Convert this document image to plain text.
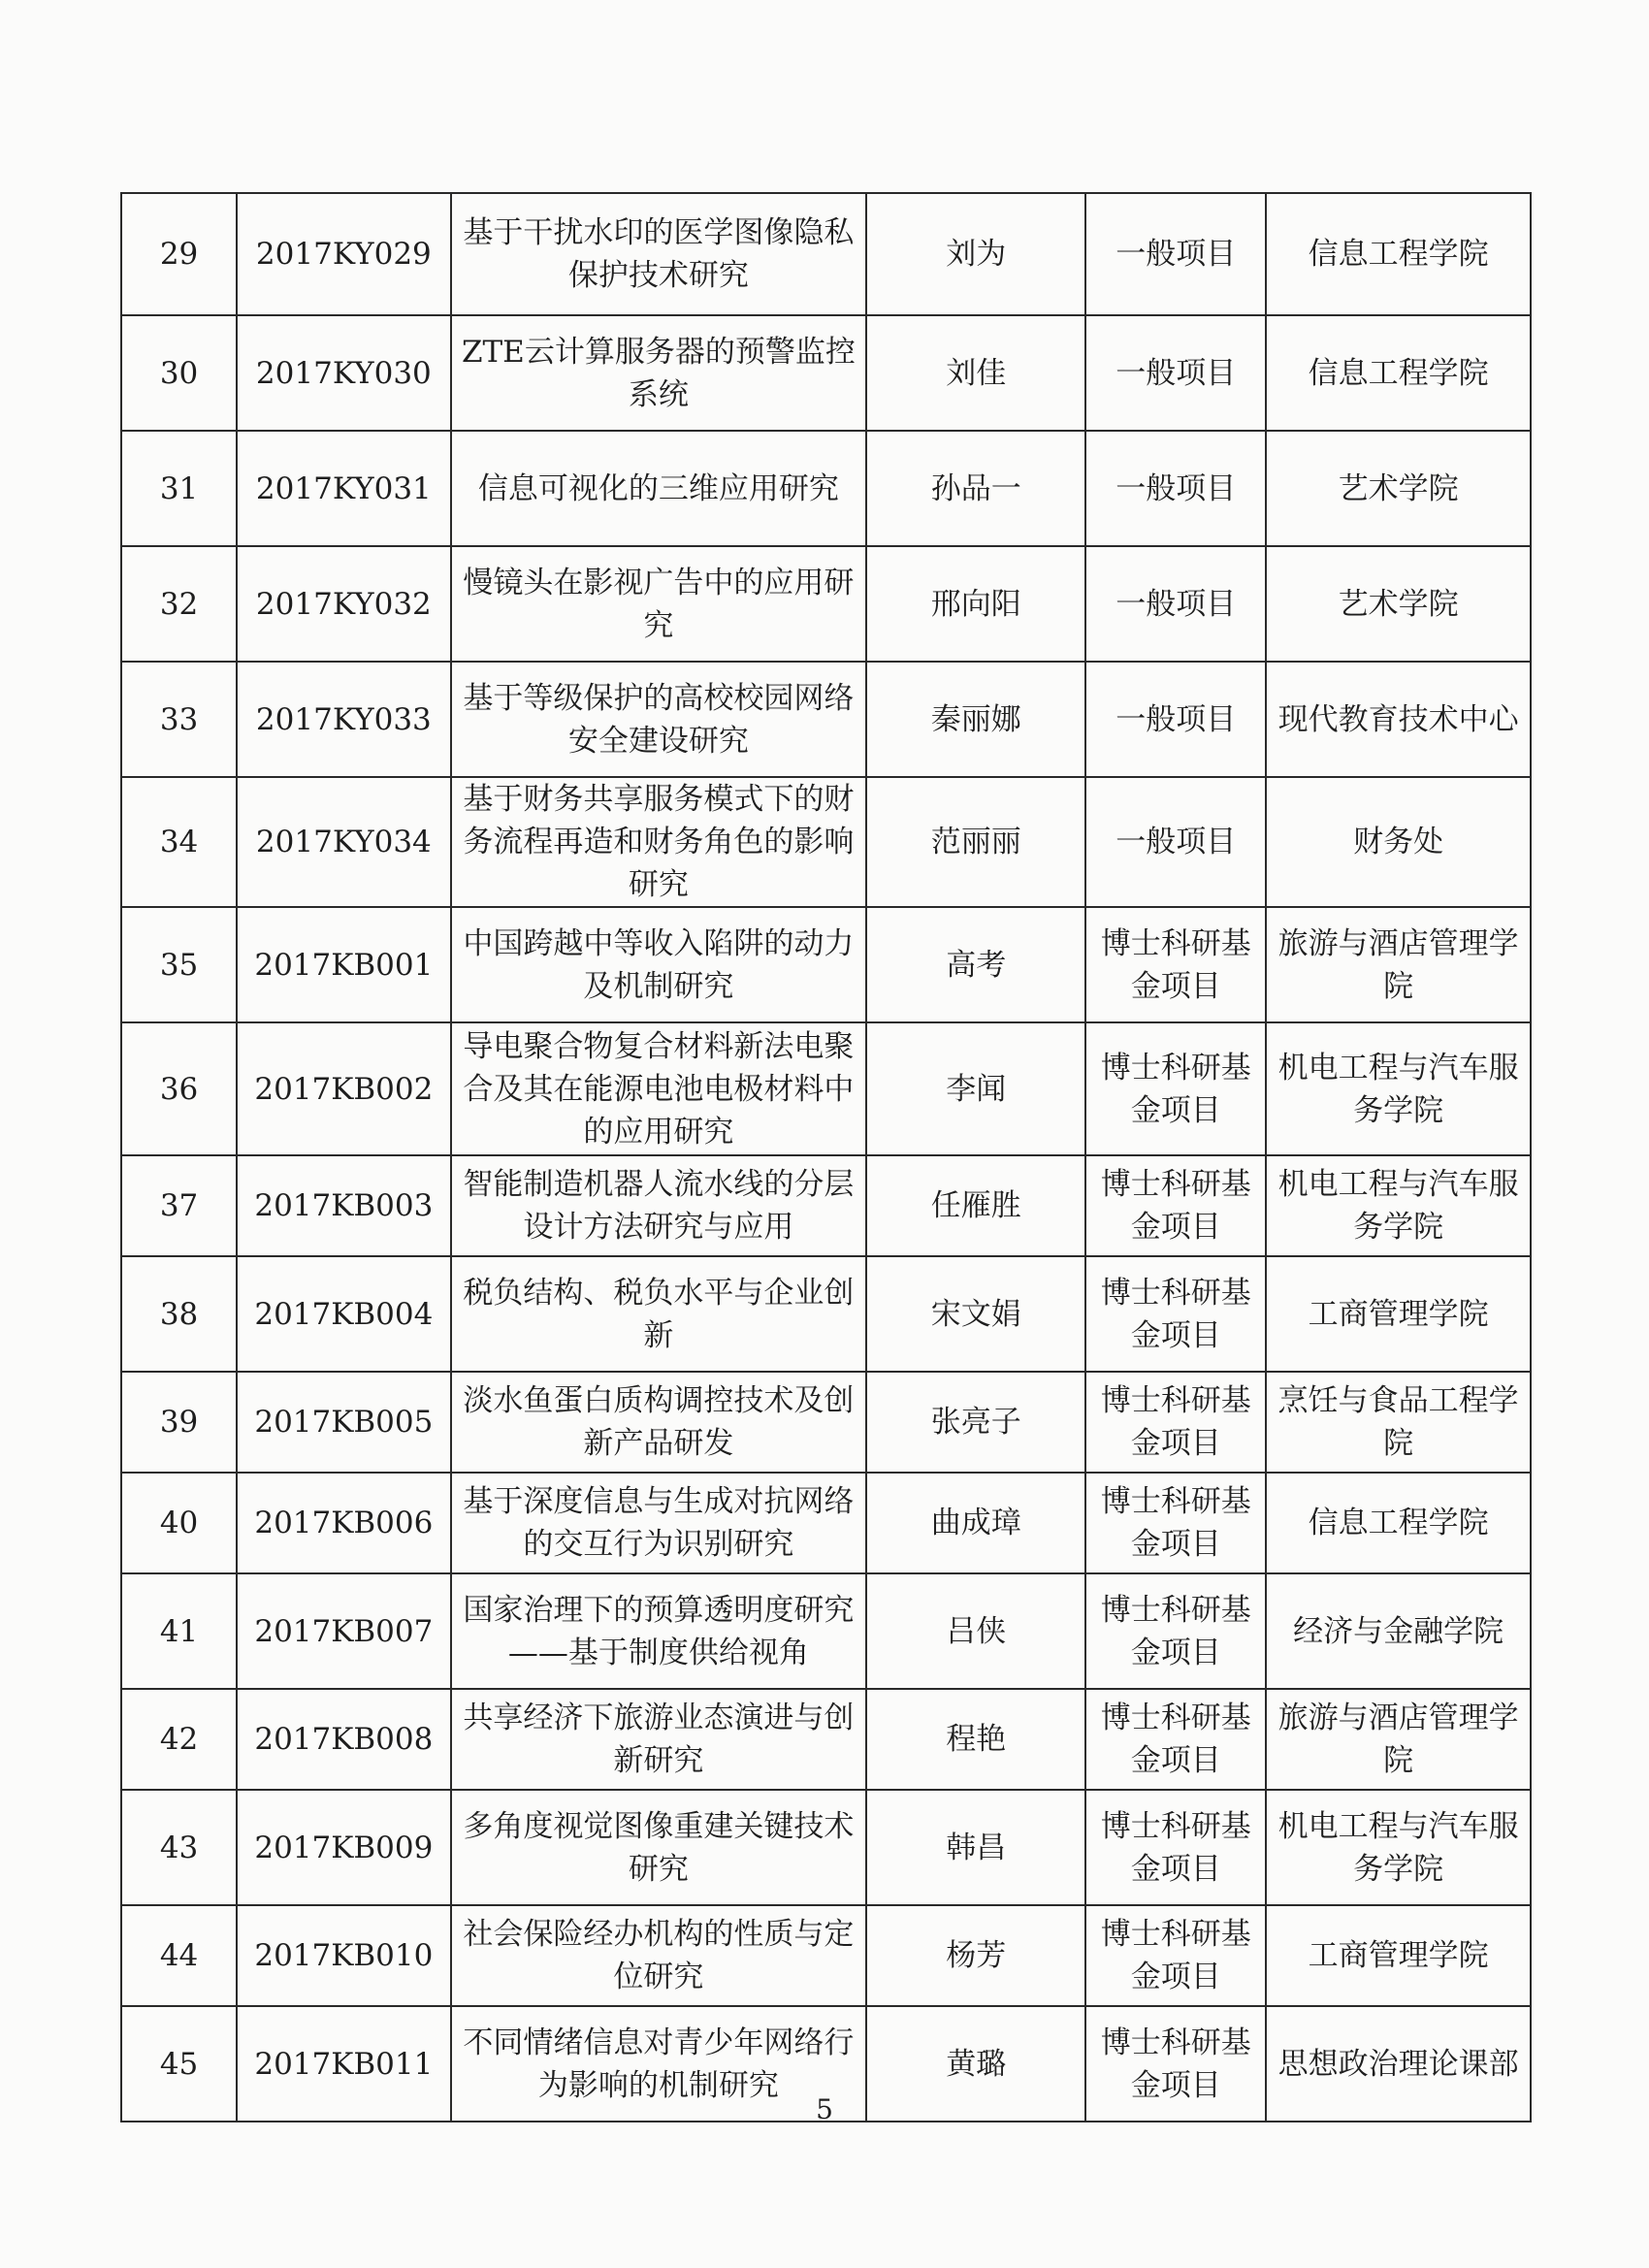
29	2017KY029	基于干扰水印的医学图像隐私保护技术研究	刘为	一般项目	信息工程学院
30	2017KY030	ZTE云计算服务器的预警监控系统	刘佳	一般项目	信息工程学院
31	2017KY031	信息可视化的三维应用研究	孙品一	一般项目	艺术学院
32	2017KY032	慢镜头在影视广告中的应用研究	邢向阳	一般项目	艺术学院
33	2017KY033	基于等级保护的高校校园网络安全建设研究	秦丽娜	一般项目	现代教育技术中心
34	2017KY034	基于财务共享服务模式下的财务流程再造和财务角色的影响研究	范丽丽	一般项目	财务处
35	2017KB001	中国跨越中等收入陷阱的动力及机制研究	高考	博士科研基金项目	旅游与酒店管理学院
36	2017KB002	导电聚合物复合材料新法电聚合及其在能源电池电极材料中的应用研究	李闻	博士科研基金项目	机电工程与汽车服务学院
37	2017KB003	智能制造机器人流水线的分层设计方法研究与应用	任雁胜	博士科研基金项目	机电工程与汽车服务学院
38	2017KB004	税负结构、税负水平与企业创新	宋文娟	博士科研基金项目	工商管理学院
39	2017KB005	淡水鱼蛋白质构调控技术及创新产品研发	张亮子	博士科研基金项目	烹饪与食品工程学院
40	2017KB006	基于深度信息与生成对抗网络的交互行为识别研究	曲成璋	博士科研基金项目	信息工程学院
41	2017KB007	国家治理下的预算透明度研究——基于制度供给视角	吕侠	博士科研基金项目	经济与金融学院
42	2017KB008	共享经济下旅游业态演进与创新研究	程艳	博士科研基金项目	旅游与酒店管理学院
43	2017KB009	多角度视觉图像重建关键技术研究	韩昌	博士科研基金项目	机电工程与汽车服务学院
44	2017KB010	社会保险经办机构的性质与定位研究	杨芳	博士科研基金项目	工商管理学院
45	2017KB011	不同情绪信息对青少年网络行为影响的机制研究	黄璐	博士科研基金项目	思想政治理论课部
5
